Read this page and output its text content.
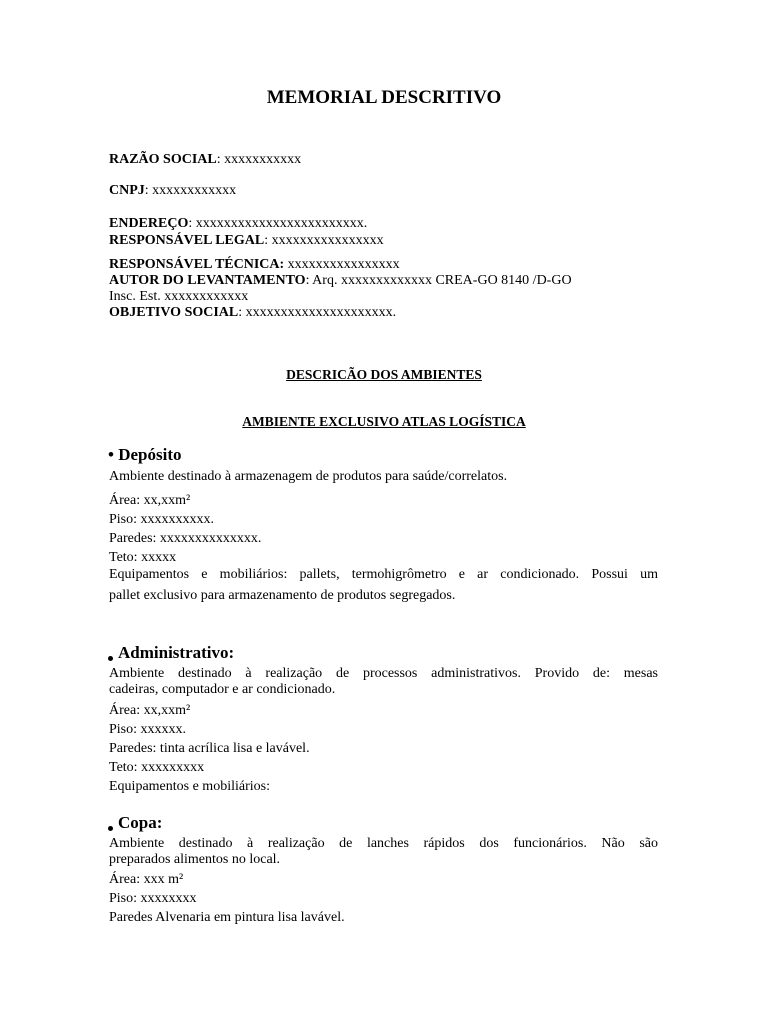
MEMORIAL DESCRITIVO
RAZÃO SOCIAL: xxxxxxxxxxx
CNPJ: xxxxxxxxxxxx
ENDEREÇO: xxxxxxxxxxxxxxxxxxxxxxxx.
RESPONSÁVEL LEGAL: xxxxxxxxxxxxxxxx
RESPONSÁVEL TÉCNICA: xxxxxxxxxxxxxxxx
AUTOR DO LEVANTAMENTO: Arq. xxxxxxxxxxxxx CREA-GO 8140 /D-GO
Insc. Est. xxxxxxxxxxxx
OBJETIVO SOCIAL: xxxxxxxxxxxxxxxxxxxxx.
DESCRICÃO DOS AMBIENTES
AMBIENTE EXCLUSIVO ATLAS LOGÍSTICA
• Depósito
Ambiente destinado à armazenagem de produtos para saúde/correlatos.
Área: xx,xxm²
Piso: xxxxxxxxxx.
Paredes: xxxxxxxxxxxxxx.
Teto: xxxxx
Equipamentos e mobiliários: pallets, termohigrômetro e ar condicionado. Possui um
pallet exclusivo para armazenamento de produtos segregados.
Administrativo:
Ambiente destinado à realização de processos administrativos. Provido de: mesas
cadeiras, computador e ar condicionado.
Área: xx,xxm²
Piso: xxxxxx.
Paredes: tinta acrílica lisa e lavável.
Teto: xxxxxxxxx
Equipamentos e mobiliários:
Copa:
Ambiente destinado à realização de lanches rápidos dos funcionários. Não são
preparados alimentos no local.
Área: xxx m²
Piso: xxxxxxxx
Paredes Alvenaria em pintura lisa lavável.
